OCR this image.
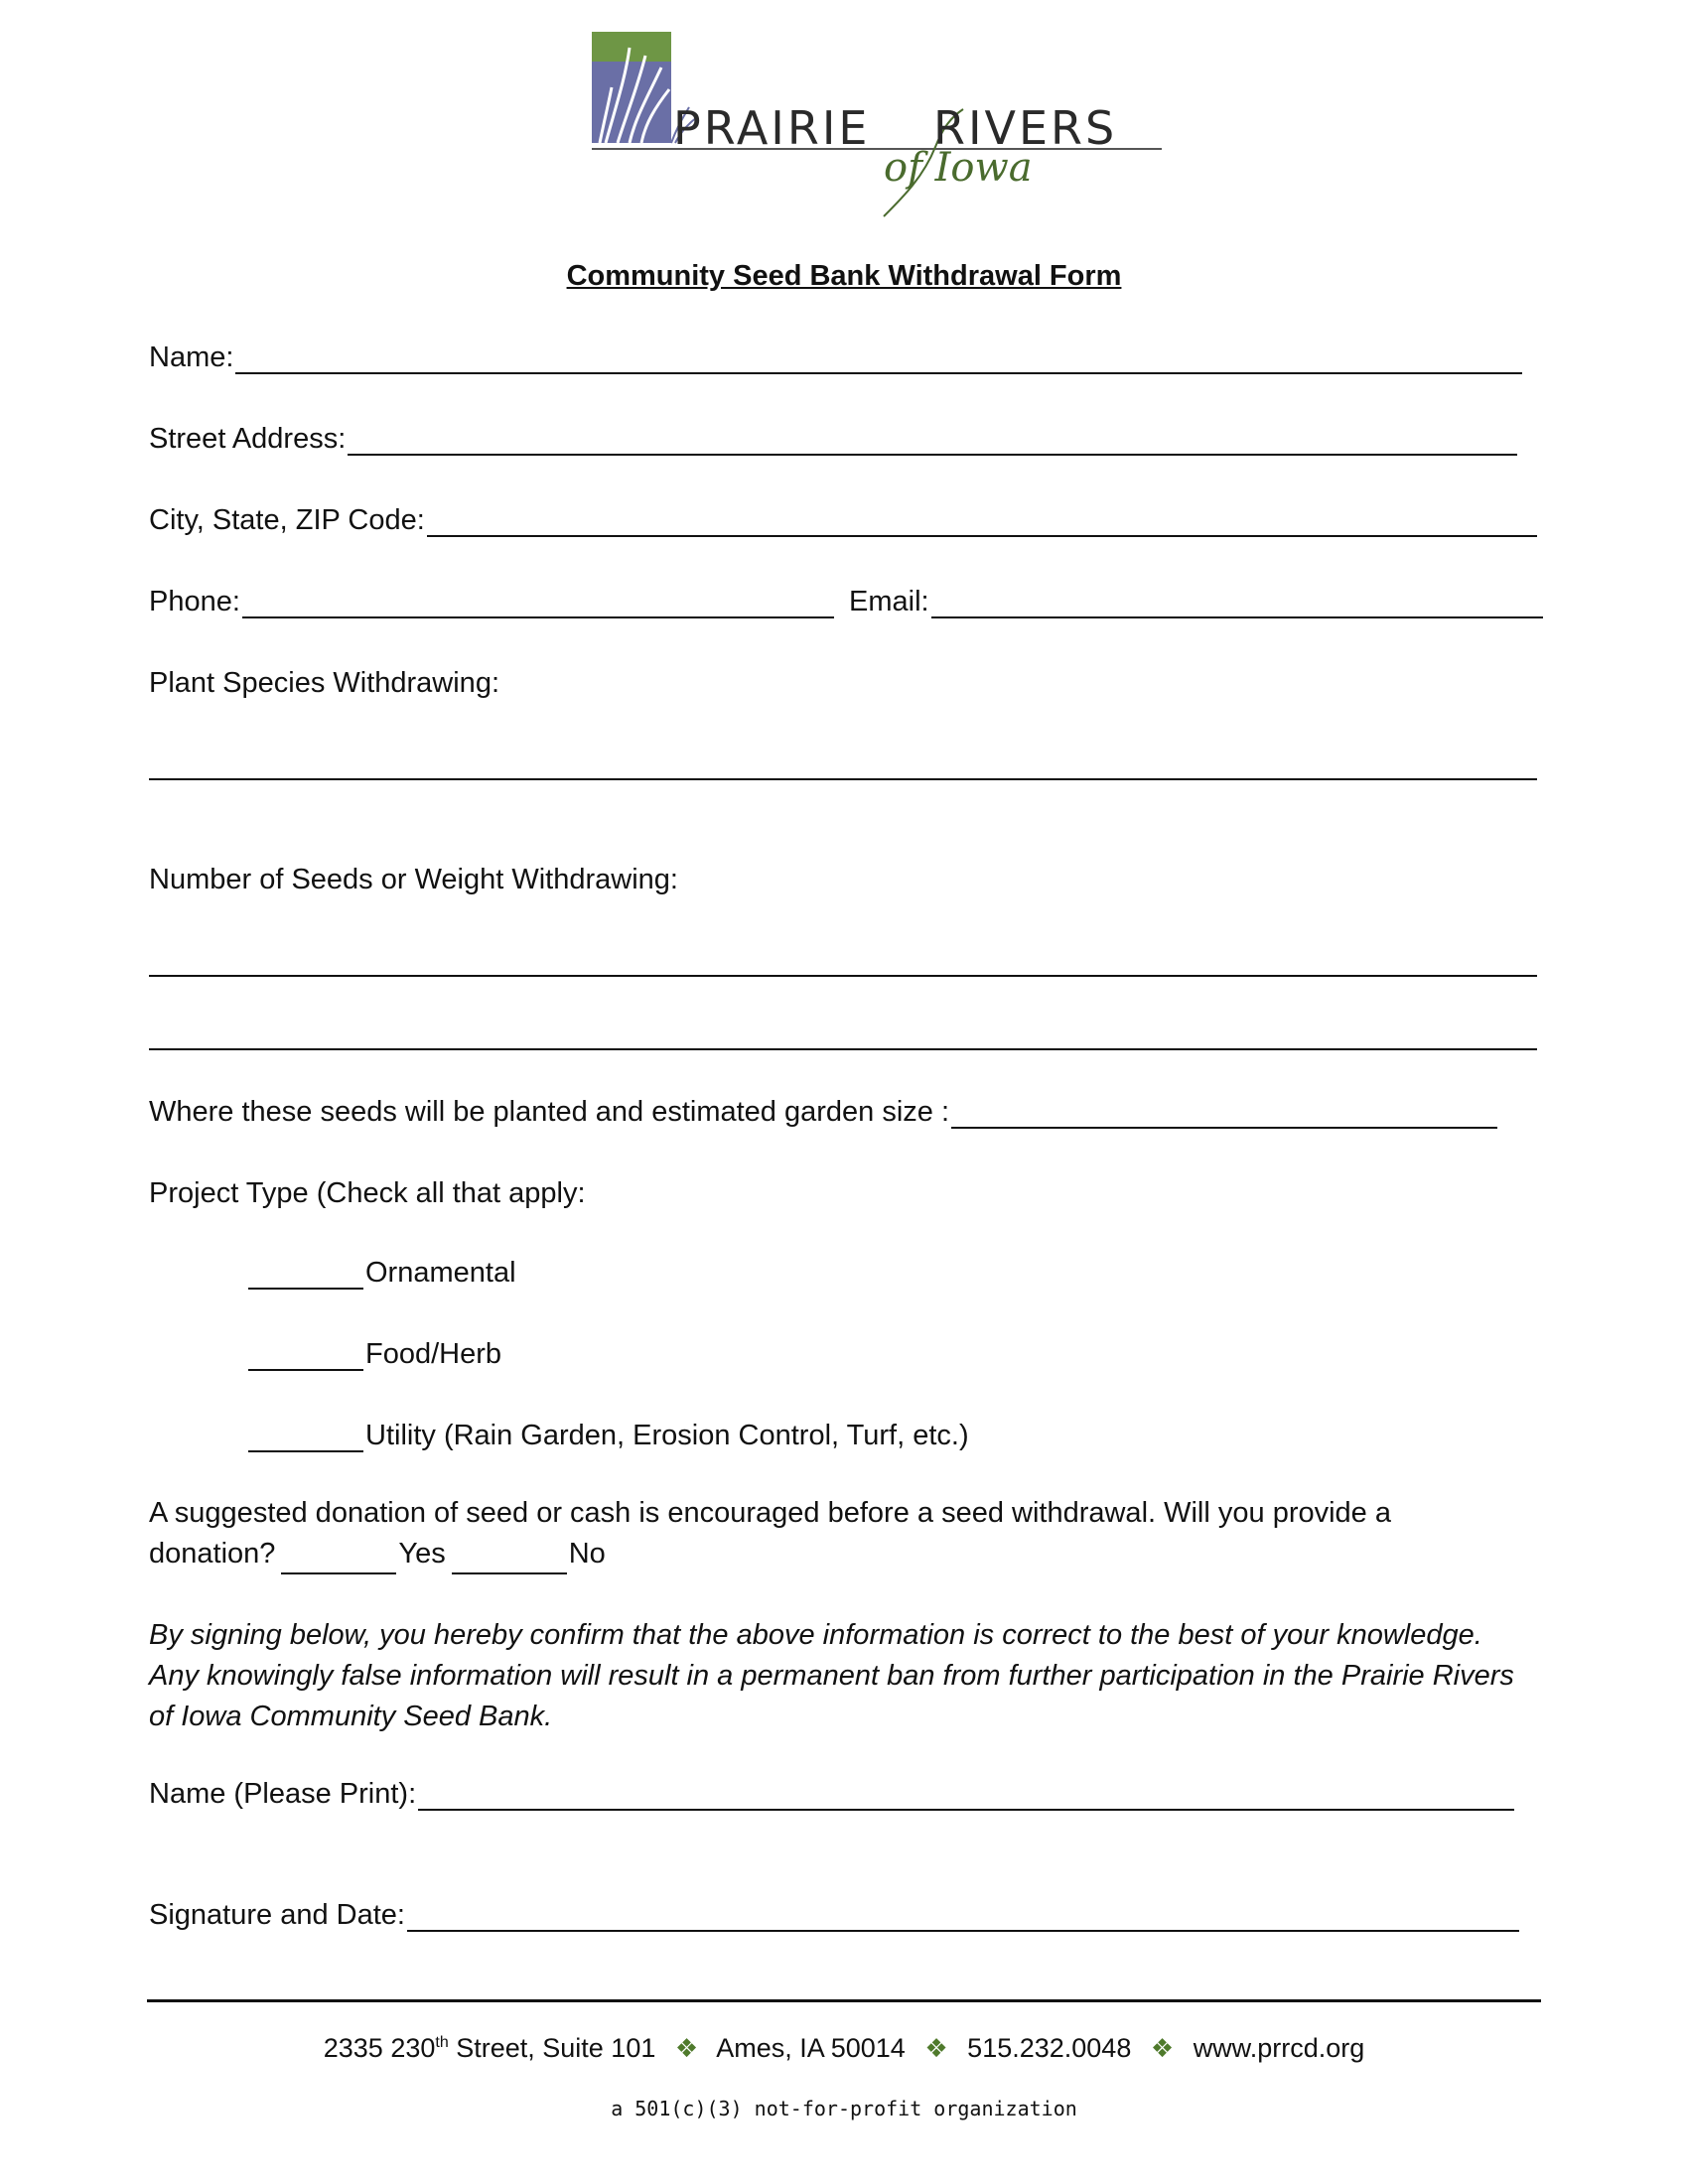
PRAIRIE RIVERS
of Iowa
Community Seed Bank Withdrawal Form
Name:
Street Address:
City, State, ZIP Code:
Phone:	Email:
Plant Species Withdrawing:
Number of Seeds or Weight Withdrawing:
Where these seeds will be planted and estimated garden size :
Project Type (Check all that apply:
Ornamental
Food/Herb
Utility (Rain Garden, Erosion Control, Turf, etc.)
A suggested donation of seed or cash is encouraged before a seed withdrawal. Will you provide a
donation?	Yes	No
By signing below, you hereby confirm that the above information is correct to the best of your knowledge. Any knowingly false information will result in a permanent ban from further participation in the Prairie Rivers of Iowa Community Seed Bank.
Name (Please Print):
Signature and Date:
2335 230th Street, Suite 101 ❖ Ames, IA 50014 ❖ 515.232.0048 ❖ www.prrcd.org
a 501(c)(3) not-for-profit organization
